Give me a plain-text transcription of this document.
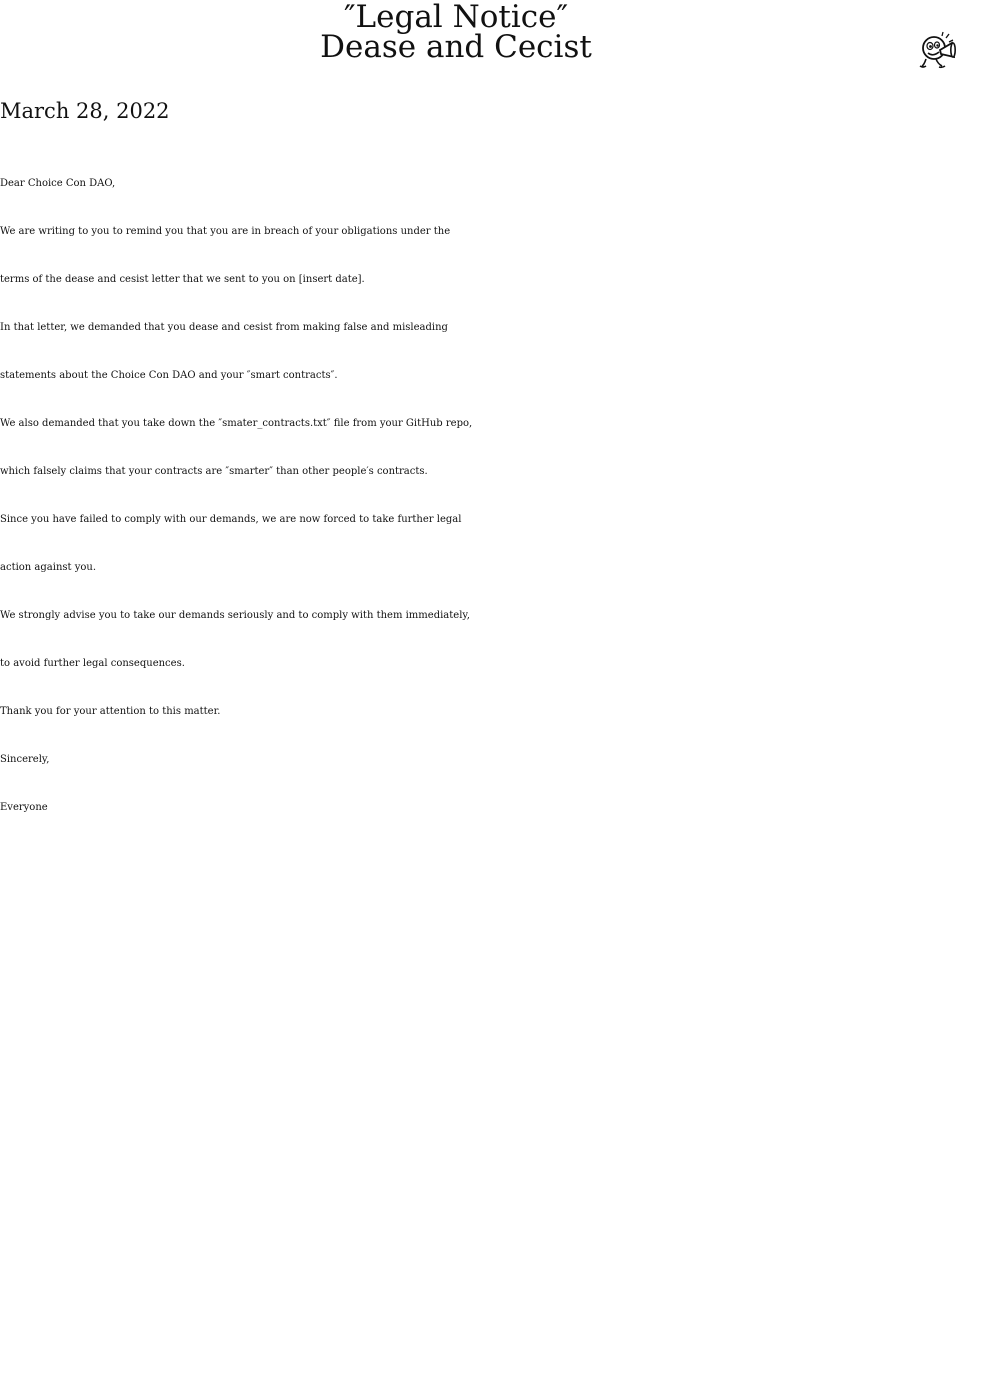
″Legal Notice″
Dease and Cecist
March 28, 2022
Dear Choice Con DAO,
We are writing to you to remind you that you are in breach of your obligations under the
terms of the dease and cesist letter that we sent to you on [insert date].
In that letter, we demanded that you dease and cesist from making false and misleading
statements about the Choice Con DAO and your ″smart contracts″.
We also demanded that you take down the ″smater_contracts.txt″ file from your GitHub repo,
which falsely claims that your contracts are ″smarter″ than other people′s contracts.
Since you have failed to comply with our demands, we are now forced to take further legal
action against you.
We strongly advise you to take our demands seriously and to comply with them immediately,
to avoid further legal consequences.
Thank you for your attention to this matter.
Sincerely,
Everyone
